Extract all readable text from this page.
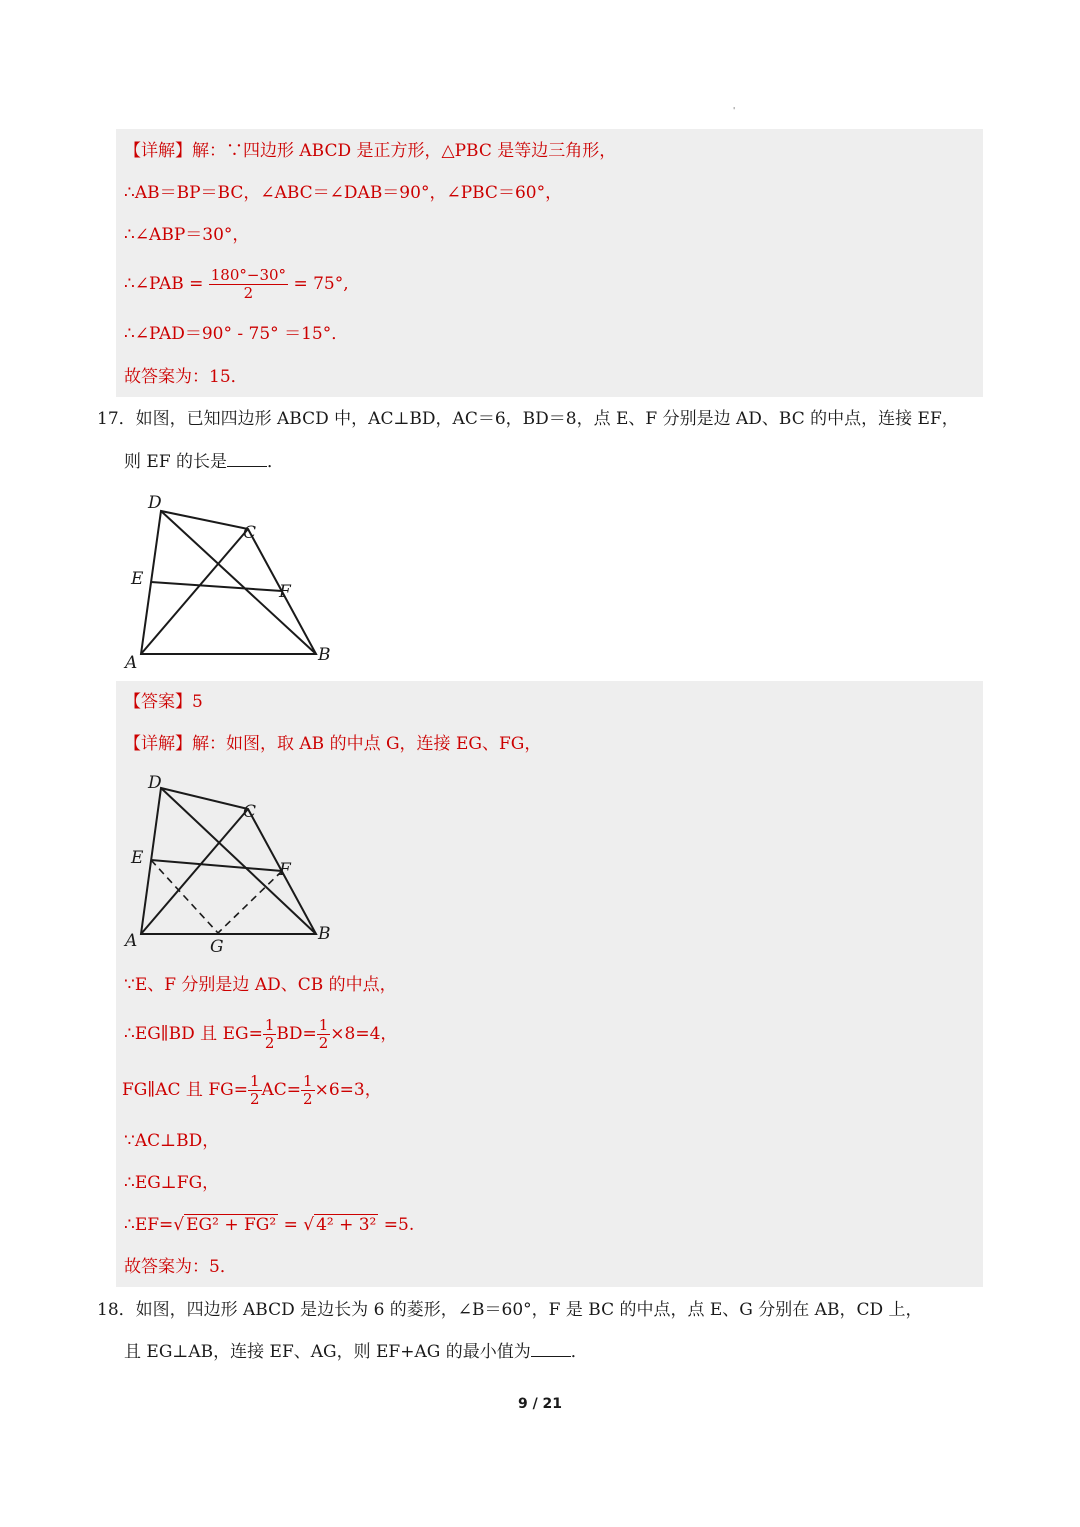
'
【详解】解：∵四边形 ABCD 是正方形，△PBC 是等边三角形，
∴AB＝BP＝BC，∠ABC＝∠DAB＝90°，∠PBC＝60°，
∴∠ABP＝30°，
∴∠PAB = $\frac{180^\circ-30^\circ}{2} = 75^\circ$,
∴∠PAD＝90° - 75° ＝15°．
故答案为：15．
17．如图，已知四边形 ABCD 中，AC⊥BD，AC＝6，BD＝8，点 E、F 分别是边 AD、BC 的中点，连接 EF，
则 EF 的长是 ．
D
C
E
F
A	B
【答案】5
【详解】解：如图，取 AB 的中点 G，连接 EG、FG，
D
C
E
F
A	B
G
∵E、F 分别是边 AD、CB 的中点，
∴EG∥BD 且 $EG= \frac{1}{2} BD= \frac{1}{2} \times 8=4$，
FG∥AC 且 $FG= \frac{1}{2} AC= \frac{1}{2} \times 6=3$，
∵AC⊥BD，
∴EG⊥FG，
∴EF=√ EG² + FG² = √ 4² + 3² =5.
故答案为：5．
18．如图，四边形 ABCD 是边长为 6 的菱形，∠B＝60°，F 是 BC 的中点，点 E、G 分别在 AB，CD 上，
且 EG⊥AB，连接 EF、AG，则 EF+AG 的最小值为 ．
9 / 21
